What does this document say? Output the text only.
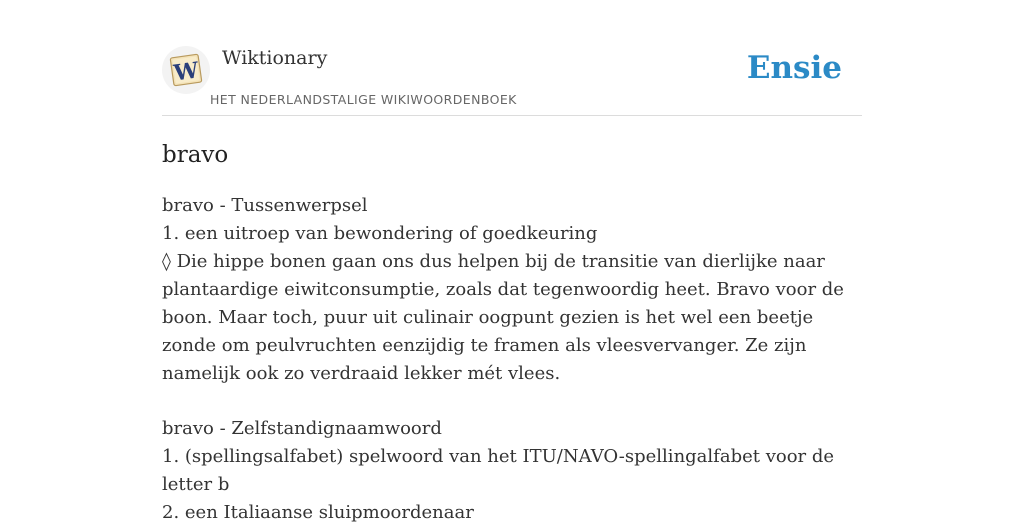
W Wiktionary
HET NEDERLANDSTALIGE WIKIWOORDENBOEK
Ensie
bravo

bravo - Tussenwerpsel

1. een uitroep van bewondering of goedkeuring

◊ Die hippe bonen gaan ons dus helpen bij de transitie van dierlijke naar plantaardige eiwitconsumptie, zoals dat tegenwoordig heet. Bravo voor de boon. Maar toch, puur uit culinair oogpunt gezien is het wel een beetje zonde om peulvruchten eenzijdig te framen als vleesvervanger. Ze zijn namelijk ook zo verdraaid lekker mét vlees.

bravo - Zelfstandignaamwoord

1. (spellingsalfabet) spelwoord van het ITU/NAVO-spellingalfabet voor de letter b

2. een Italiaanse sluipmoordenaar
